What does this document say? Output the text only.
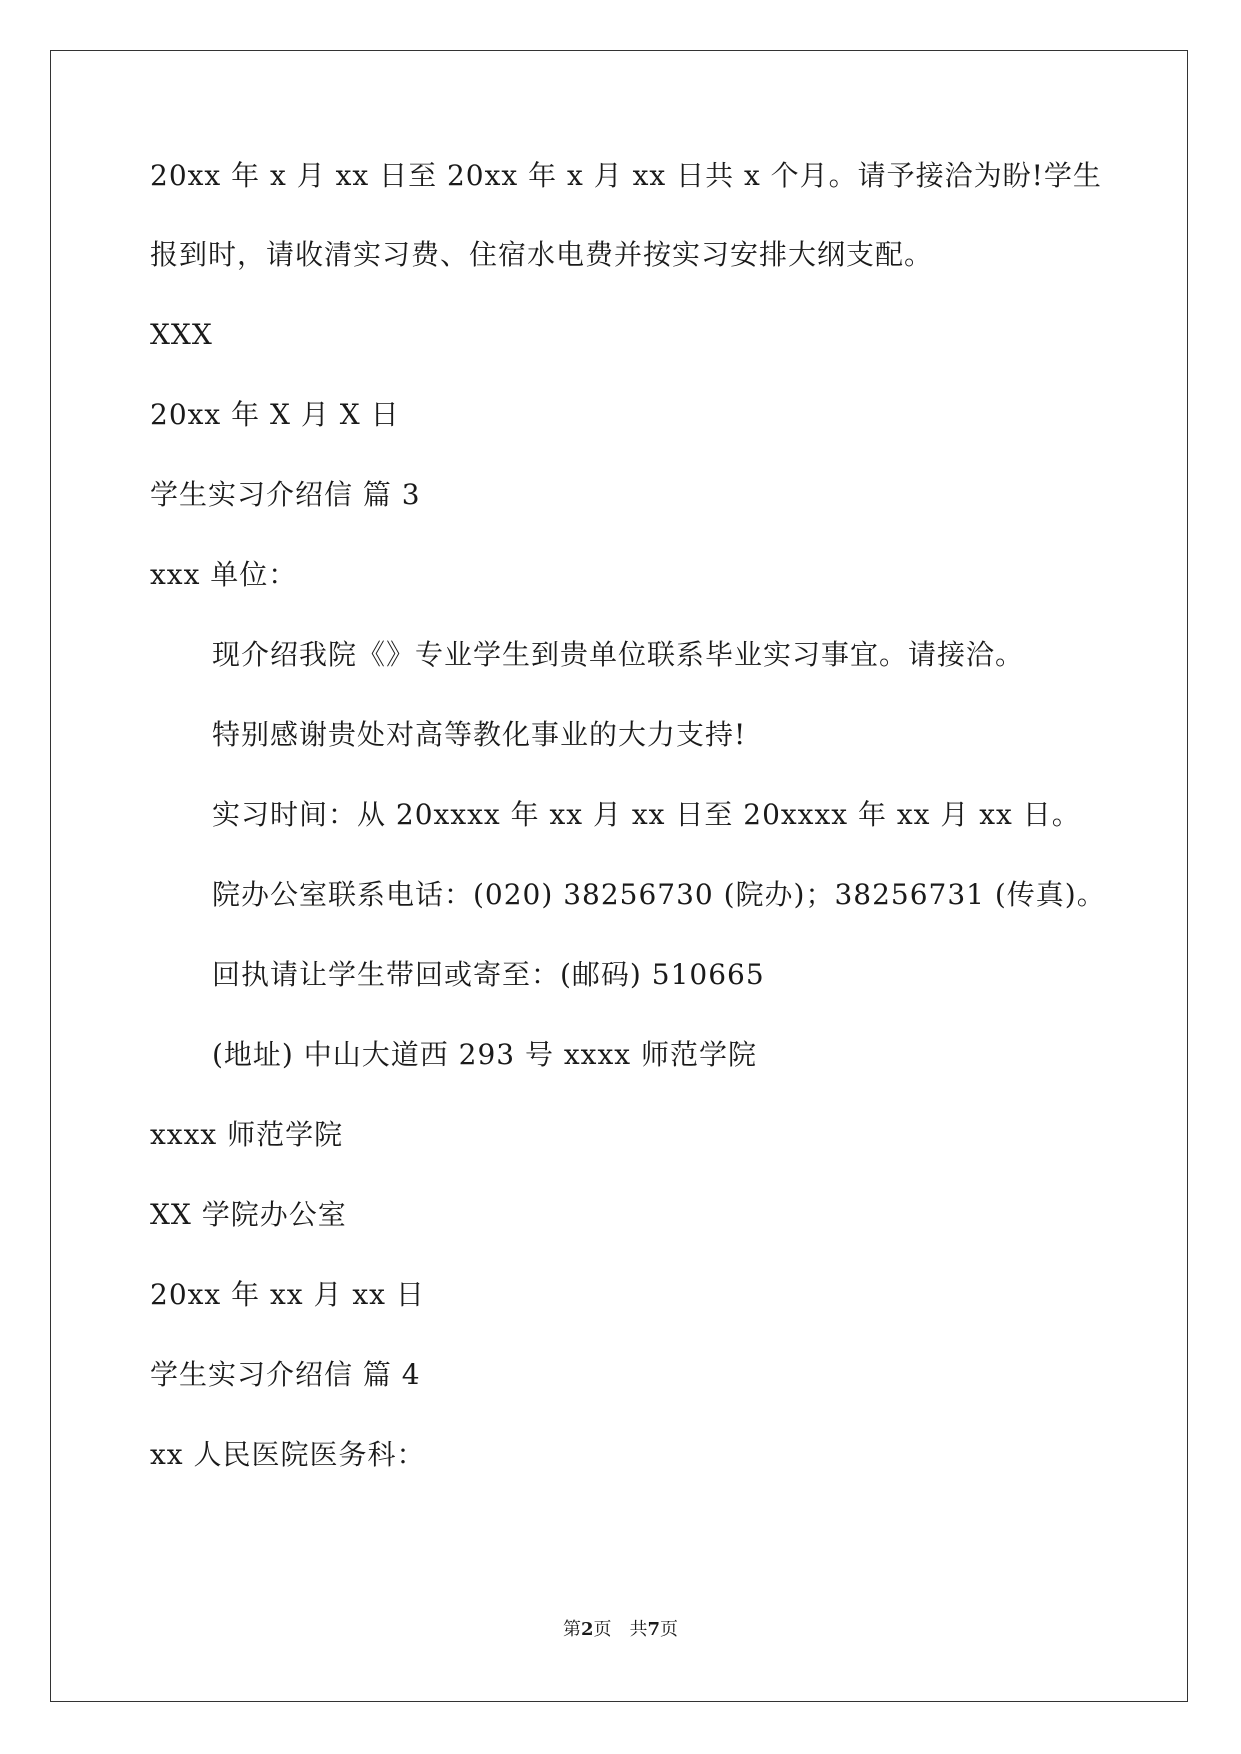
20xx 年 x 月 xx 日至 20xx 年 x 月 xx 日共 x 个月。请予接洽为盼!学生
报到时，请收清实习费、住宿水电费并按实习安排大纲支配。
XXX
20xx 年 X 月 X 日
学生实习介绍信 篇 3
xxx 单位：
现介绍我院《》专业学生到贵单位联系毕业实习事宜。请接洽。
特别感谢贵处对高等教化事业的大力支持!
实习时间：从 20xxxx 年 xx 月 xx 日至 20xxxx 年 xx 月 xx 日。
院办公室联系电话：(020) 38256730 (院办)；38256731 (传真)。
回执请让学生带回或寄至：(邮码) 510665
(地址) 中山大道西 293 号 xxxx 师范学院
xxxx 师范学院
XX 学院办公室
20xx 年 xx 月 xx 日
学生实习介绍信 篇 4
xx 人民医院医务科：
第2页 共7页
